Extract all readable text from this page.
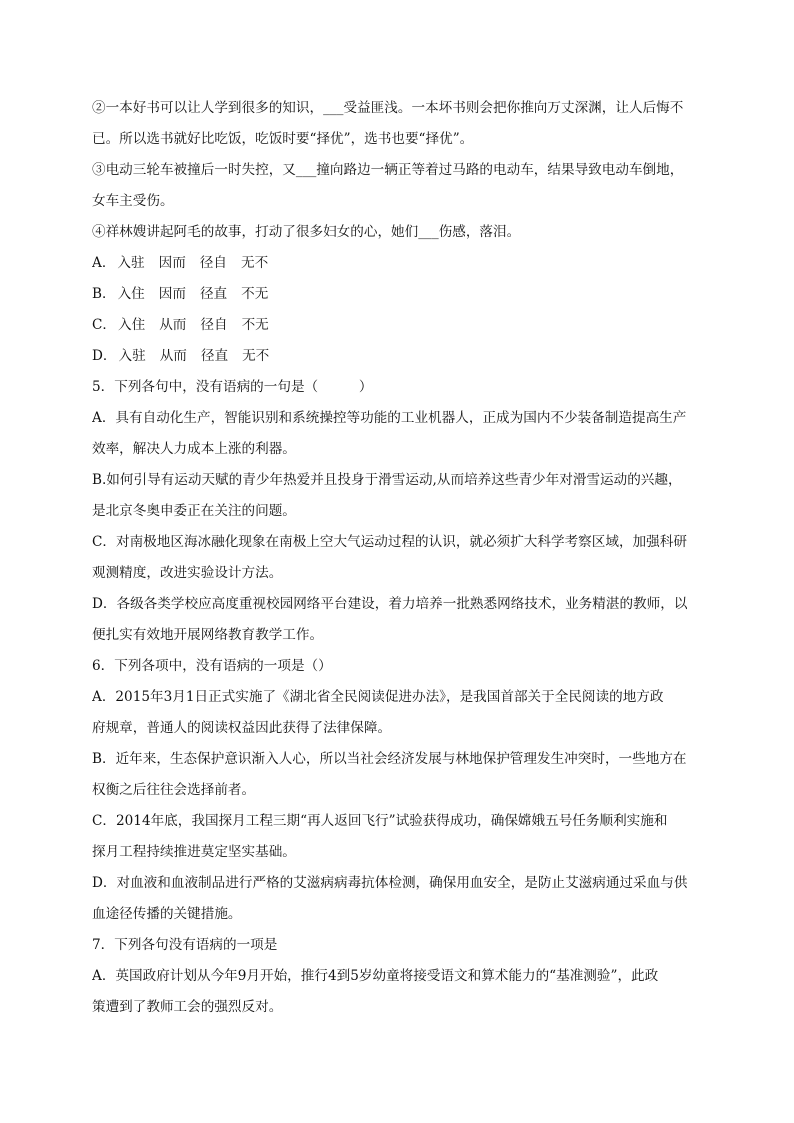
②一本好书可以让人学到很多的知识，___受益匪浅。一本坏书则会把你推向万丈深渊，让人后悔不
已。所以选书就好比吃饭，吃饭时要“择优”，选书也要“择优”。
③电动三轮车被撞后一时失控，又___撞向路边一辆正等着过马路的电动车，结果导致电动车倒地，
女车主受伤。
④祥林嫂讲起阿毛的故事，打动了很多妇女的心，她们___伤感，落泪。
A． 入驻 因而 径自 无不
B． 入住 因而 径直 不无
C． 入住 从而 径自 不无
D． 入驻 从而 径直 无不
5．下列各句中，没有语病的一句是（　　　）
A．具有自动化生产，智能识别和系统操控等功能的工业机器人，正成为国内不少装备制造提高生产
效率，解决人力成本上涨的利器。
B.如何引导有运动天赋的青少年热爱并且投身于滑雪运动,从而培养这些青少年对滑雪运动的兴趣，
是北京冬奥申委正在关注的问题。
C．对南极地区海冰融化现象在南极上空大气运动过程的认识，就必须扩大科学考察区域，加强科研
观测精度，改进实验设计方法。
D．各级各类学校应高度重视校园网络平台建设，着力培养一批熟悉网络技术，业务精湛的教师，以
便扎实有效地开展网络教育教学工作。
6．下列各项中，没有语病的一项是（）
A．2015年3月1日正式实施了《湖北省全民阅读促进办法》，是我国首部关于全民阅读的地方政
府规章，普通人的阅读权益因此获得了法律保障。
B．近年来，生态保护意识渐入人心，所以当社会经济发展与林地保护管理发生冲突时，一些地方在
权衡之后往往会选择前者。
C．2014年底，我国探月工程三期“再人返回飞行”试验获得成功，确保嫦娥五号任务顺利实施和
探月工程持续推进莫定坚实基础。
D．对血液和血液制品进行严格的艾滋病病毒抗体检测，确保用血安全，是防止艾滋病通过采血与供
血途径传播的关键措施。
7．下列各句没有语病的一项是
A．英国政府计划从今年9月开始，推行4到5岁幼童将接受语文和算术能力的“基准测验”，此政
策遭到了教师工会的强烈反对。
